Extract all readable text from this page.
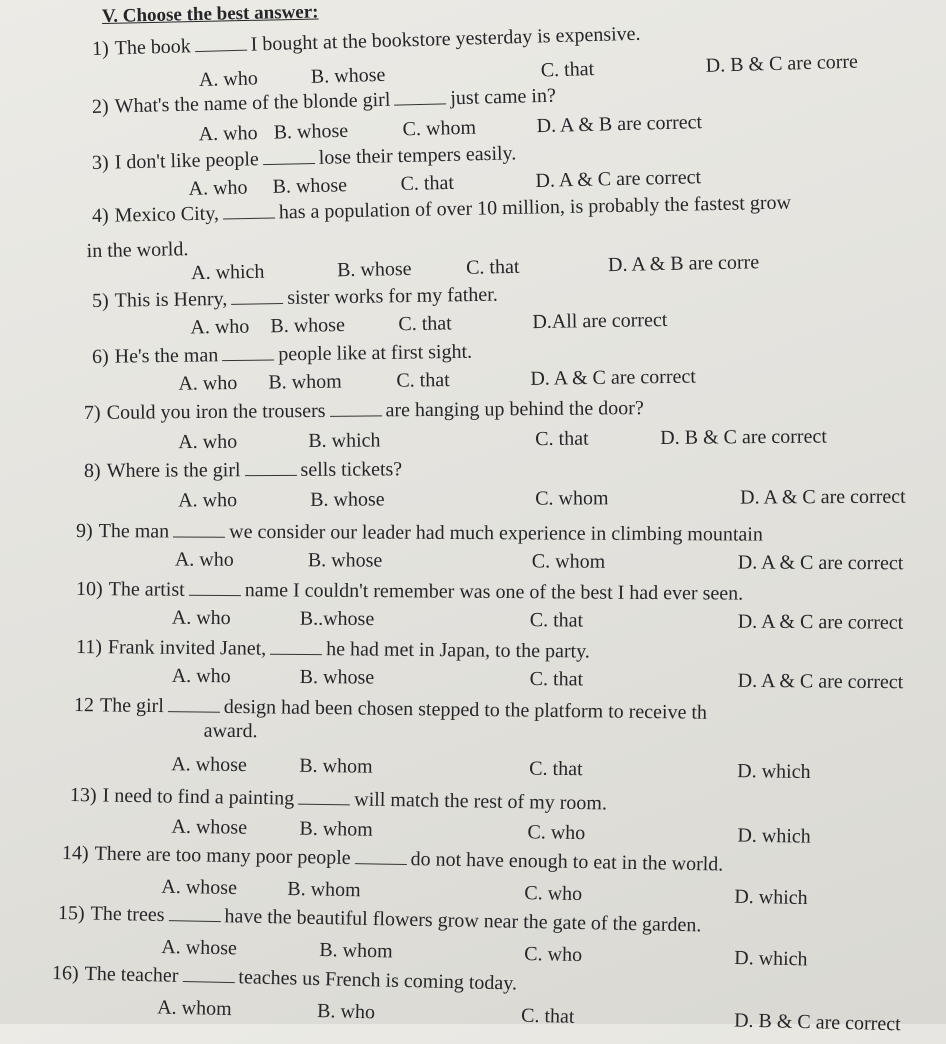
V. Choose the best answer:
1) The book	I bought at the bookstore yesterday is expensive.
A. who	B. whose	C. that	D. B & C are corre
2) What's the name of the blonde girl	just came in?
A. who B. whose	C. whom	D. A & B are correct
3) I don't like people	lose their tempers easily.
A. who B. whose	C. that	D. A & C are correct
4) Mexico City,	has a population of over 10 million, is probably the fastest grow
in the world.
A. which	B. whose	C. that	D. A & B are corre
5) This is Henry,	sister works for my father.
A. who B. whose	C. that	D.All are correct
6) He's the man	people like at first sight.
A. who B. whom	C. that	D. A & C are correct
7) Could you iron the trousers	are hanging up behind the door?
A. who	B. which	C. that	D. B & C are correct
8) Where is the girl	sells tickets?
A. who	B. whose	C. whom	D. A & C are correct
9) The man	we consider our leader had much experience in climbing mountain
A. who	B. whose	C. whom	D. A & C are correct
10) The artist	name I couldn't remember was one of the best I had ever seen.
A. who	B..whose	C. that	D. A & C are correct
11) Frank invited Janet,	he had met in Japan, to the party.
A. who	B. whose	C. that	D. A & C are correct
12 The girl	design had been chosen stepped to the platform to receive th
award.
A. whose	B. whom	C. that	D. which
13) I need to find a painting	will match the rest of my room.
A. whose	B. whom	C. who	D. which
14) There are too many poor people	do not have enough to eat in the world.
A. whose	B. whom	C. who	D. which
15) The trees	have the beautiful flowers grow near the gate of the garden.
A. whose	B. whom	C. who	D. which
16) The teacher	teaches us French is coming today.
A. whom	B. who	C. that	D. B & C are correct
